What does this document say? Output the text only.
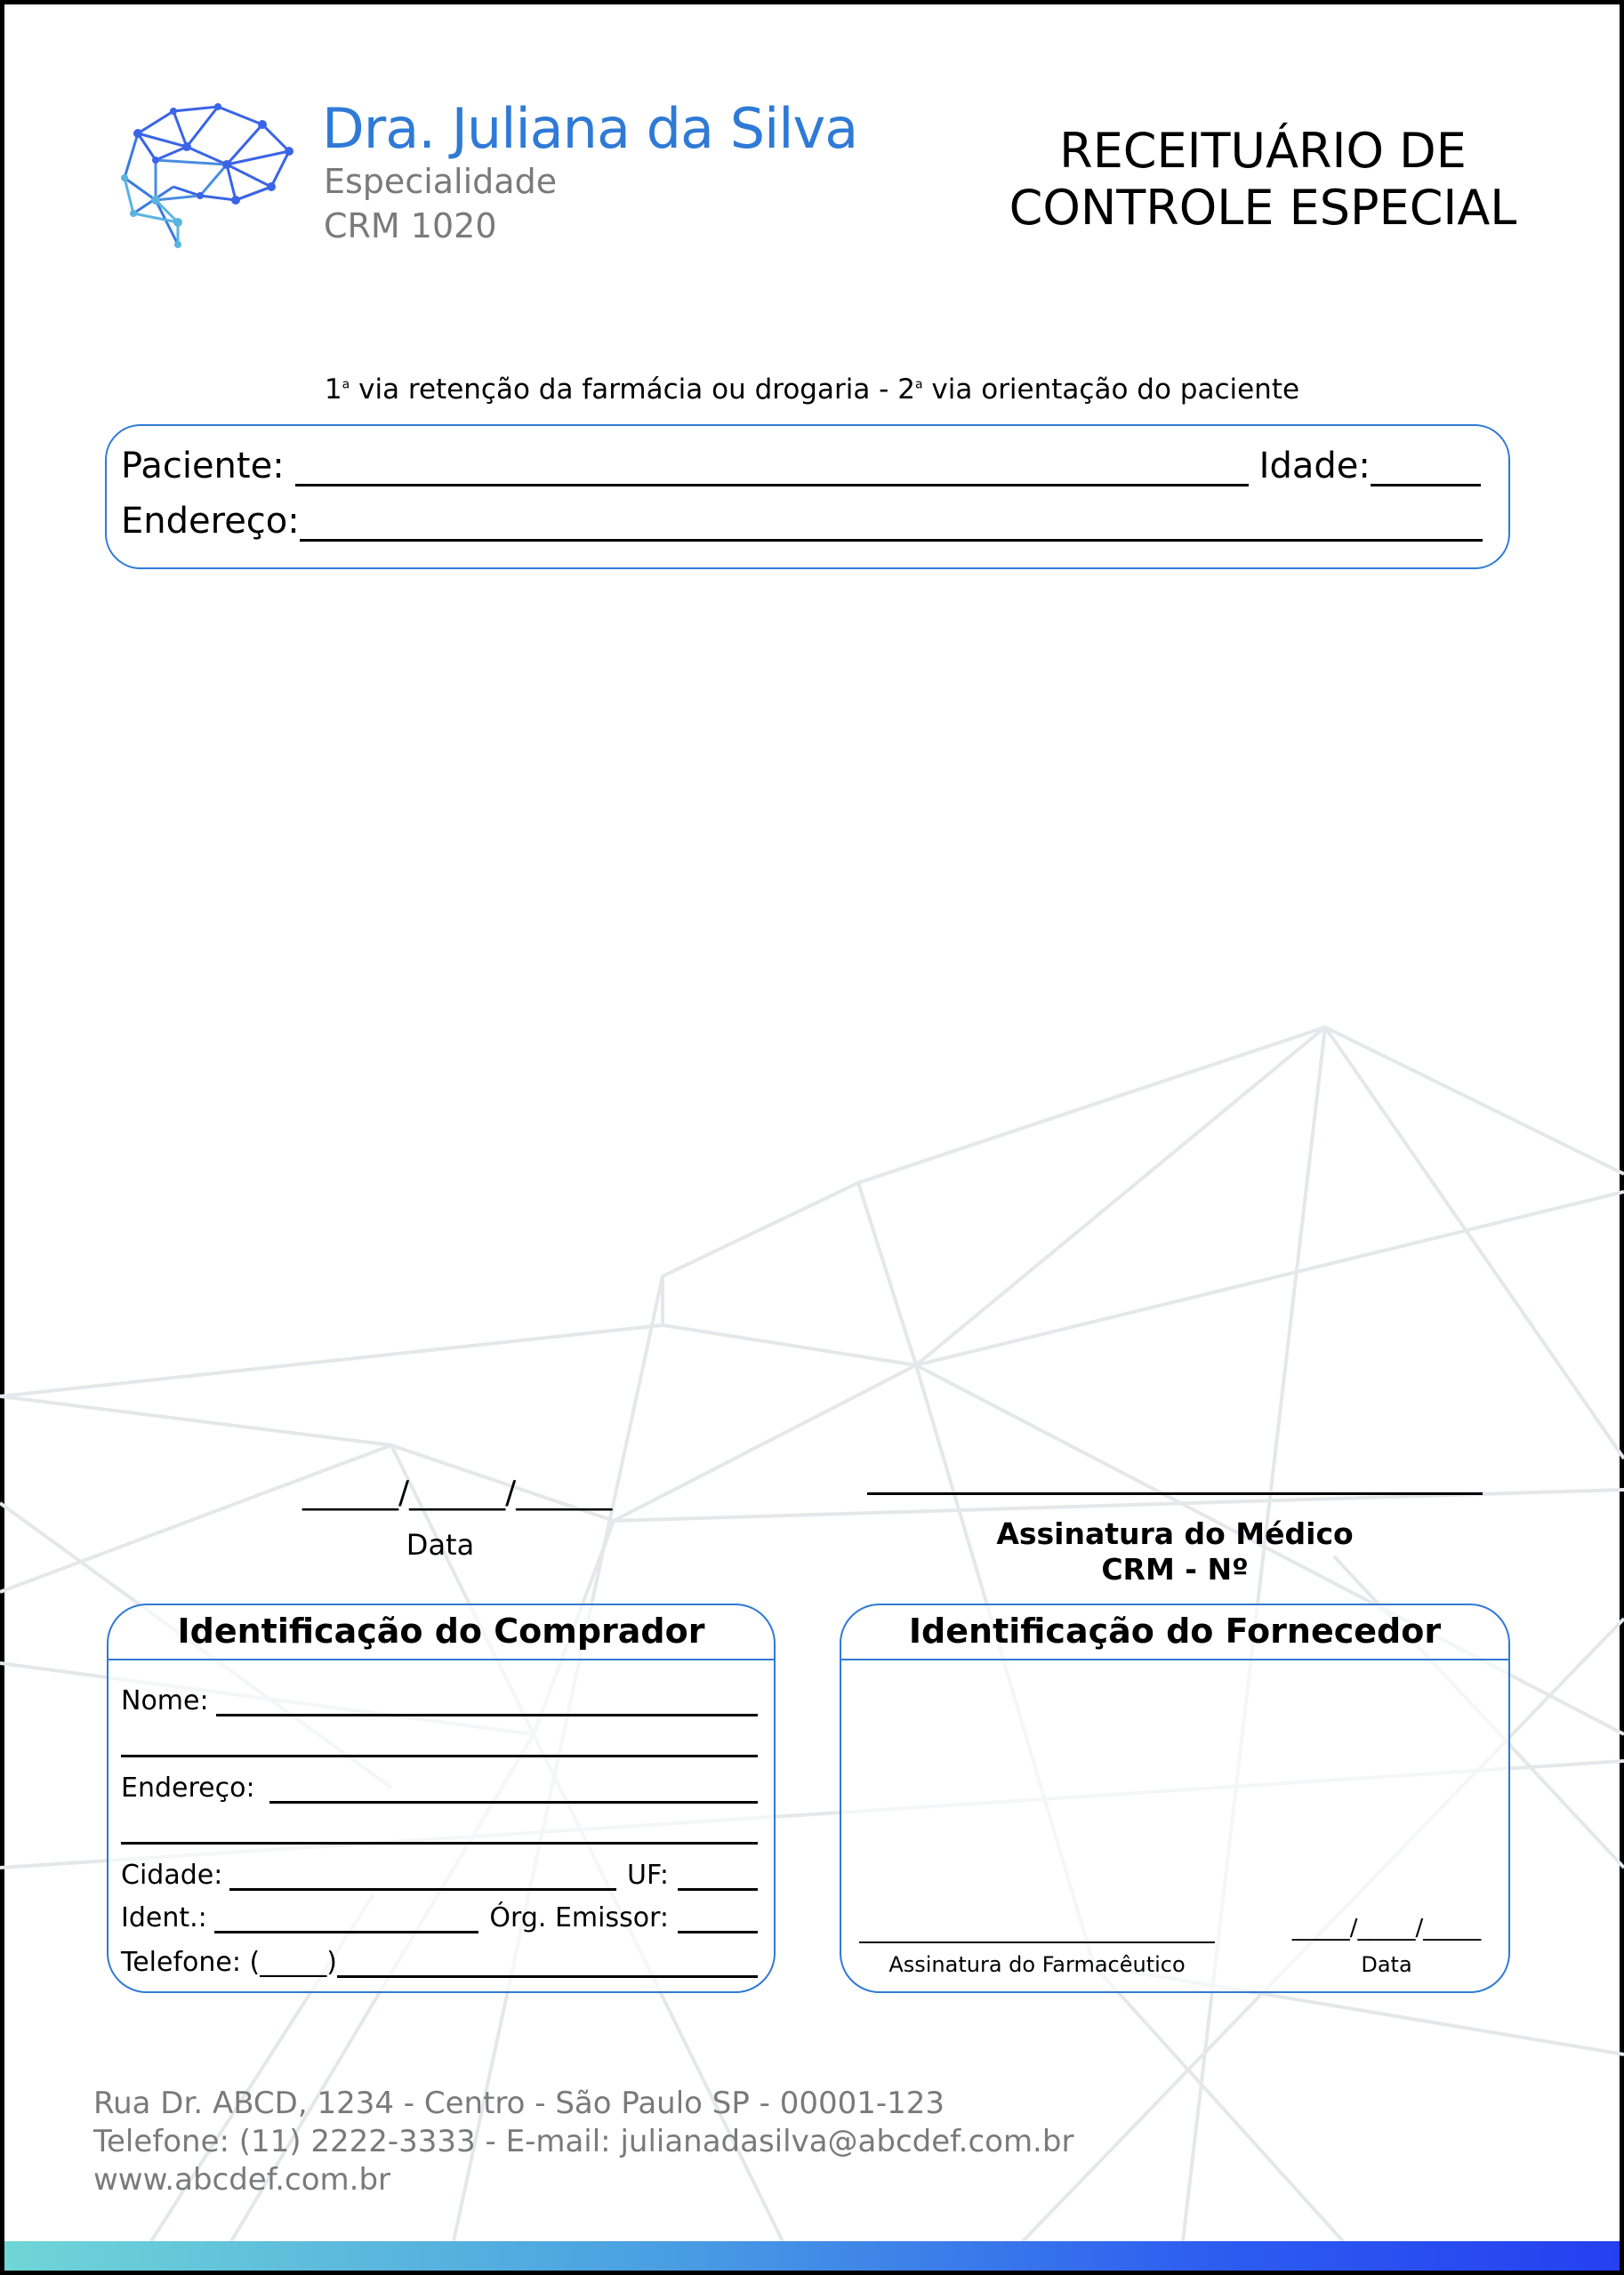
Dra. Juliana da Silva
Especialidade
CRM 1020
RECEITUÁRIO DE
CONTROLE ESPECIAL
1$^a$ via retenção da farmácia ou drogaria - 2$^a$ via orientação do paciente
Paciente:	Idade:
Endereço:
______/______/______
Data	Assinatura do Médico
CRM - Nº
Identificação do Comprador
Nome:
Endereço:
Cidade:	UF:
Ident.:	Órg. Emissor:
Telefone: (_____)
Identificação do Fornecedor
Assinatura do Farmacêutico
_____/_____/_____
Data
Rua Dr. ABCD, 1234 - Centro - São Paulo SP - 00001-123
Telefone: (11) 2222-3333 - E-mail: julianadasilva@abcdef.com.br
www.abcdef.com.br
